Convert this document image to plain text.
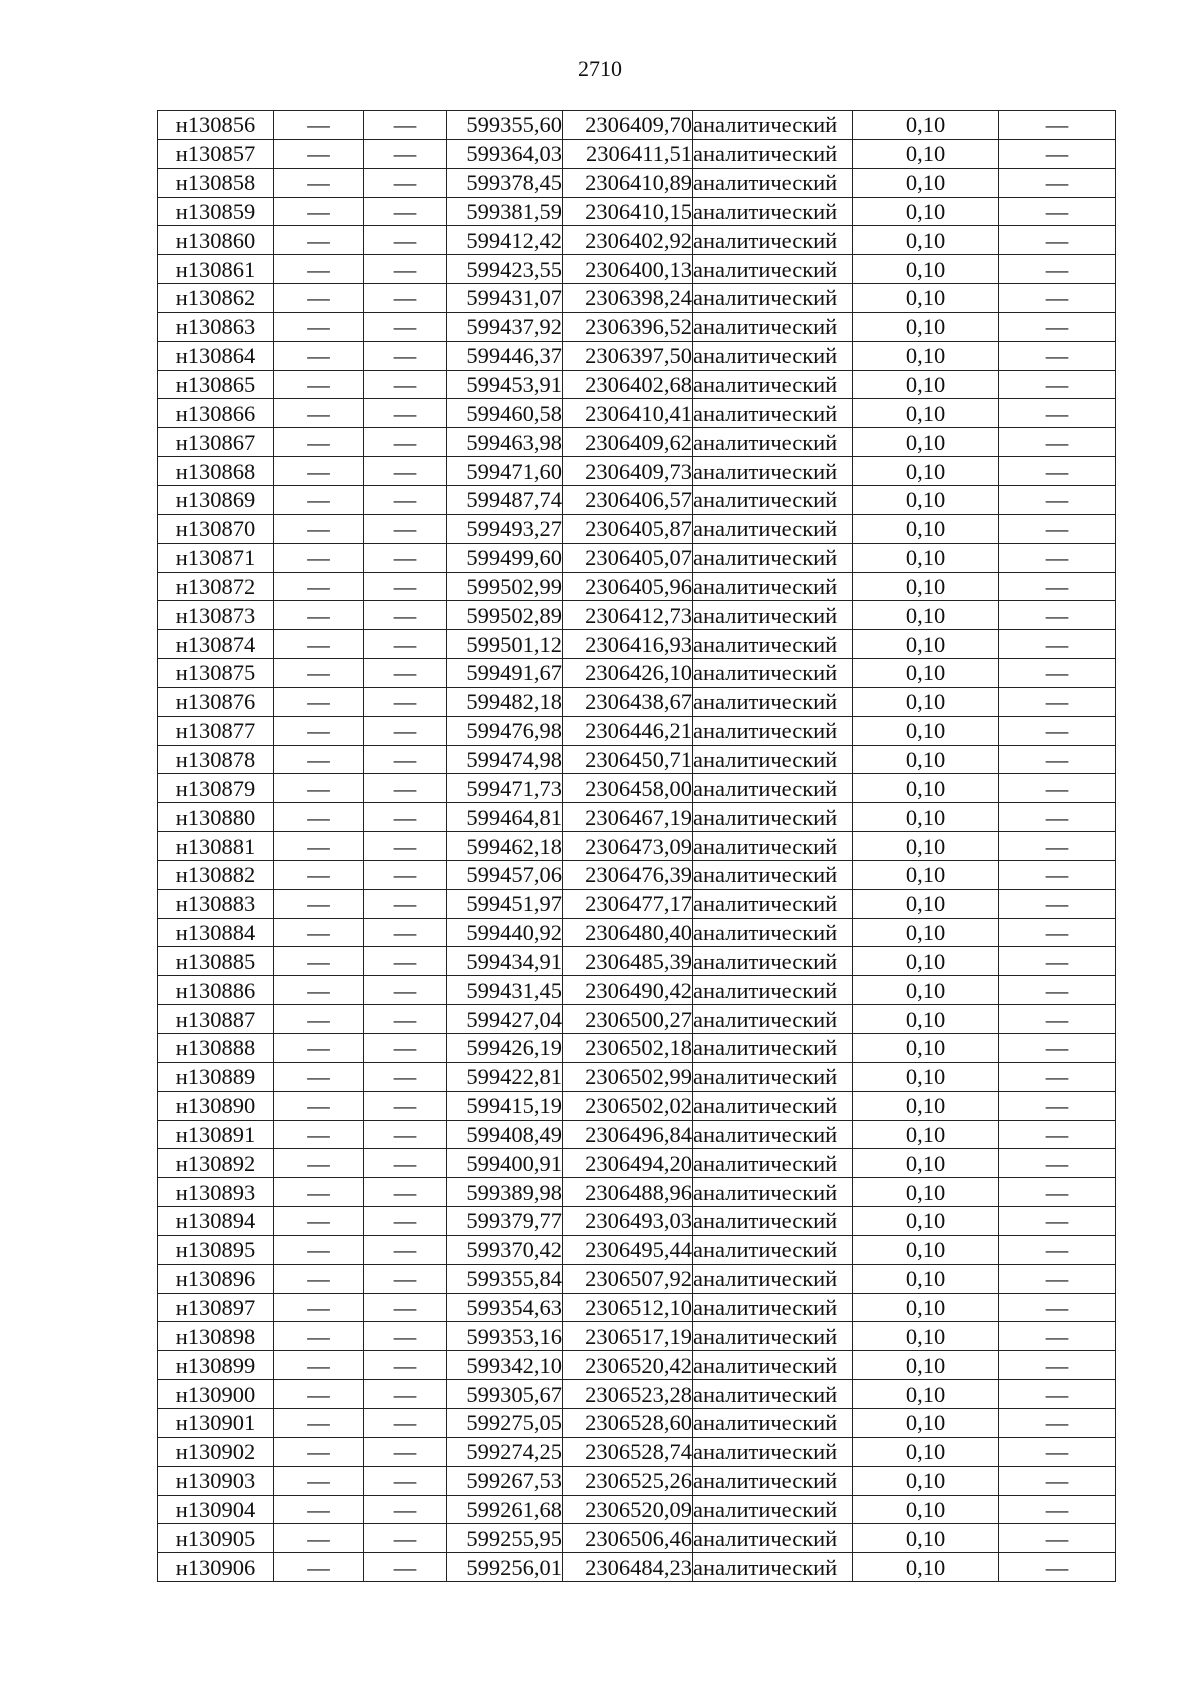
2710
н130856	—	—	599355,60	2306409,70	аналитический	0,10	—
н130857	—	—	599364,03	2306411,51	аналитический	0,10	—
н130858	—	—	599378,45	2306410,89	аналитический	0,10	—
н130859	—	—	599381,59	2306410,15	аналитический	0,10	—
н130860	—	—	599412,42	2306402,92	аналитический	0,10	—
н130861	—	—	599423,55	2306400,13	аналитический	0,10	—
н130862	—	—	599431,07	2306398,24	аналитический	0,10	—
н130863	—	—	599437,92	2306396,52	аналитический	0,10	—
н130864	—	—	599446,37	2306397,50	аналитический	0,10	—
н130865	—	—	599453,91	2306402,68	аналитический	0,10	—
н130866	—	—	599460,58	2306410,41	аналитический	0,10	—
н130867	—	—	599463,98	2306409,62	аналитический	0,10	—
н130868	—	—	599471,60	2306409,73	аналитический	0,10	—
н130869	—	—	599487,74	2306406,57	аналитический	0,10	—
н130870	—	—	599493,27	2306405,87	аналитический	0,10	—
н130871	—	—	599499,60	2306405,07	аналитический	0,10	—
н130872	—	—	599502,99	2306405,96	аналитический	0,10	—
н130873	—	—	599502,89	2306412,73	аналитический	0,10	—
н130874	—	—	599501,12	2306416,93	аналитический	0,10	—
н130875	—	—	599491,67	2306426,10	аналитический	0,10	—
н130876	—	—	599482,18	2306438,67	аналитический	0,10	—
н130877	—	—	599476,98	2306446,21	аналитический	0,10	—
н130878	—	—	599474,98	2306450,71	аналитический	0,10	—
н130879	—	—	599471,73	2306458,00	аналитический	0,10	—
н130880	—	—	599464,81	2306467,19	аналитический	0,10	—
н130881	—	—	599462,18	2306473,09	аналитический	0,10	—
н130882	—	—	599457,06	2306476,39	аналитический	0,10	—
н130883	—	—	599451,97	2306477,17	аналитический	0,10	—
н130884	—	—	599440,92	2306480,40	аналитический	0,10	—
н130885	—	—	599434,91	2306485,39	аналитический	0,10	—
н130886	—	—	599431,45	2306490,42	аналитический	0,10	—
н130887	—	—	599427,04	2306500,27	аналитический	0,10	—
н130888	—	—	599426,19	2306502,18	аналитический	0,10	—
н130889	—	—	599422,81	2306502,99	аналитический	0,10	—
н130890	—	—	599415,19	2306502,02	аналитический	0,10	—
н130891	—	—	599408,49	2306496,84	аналитический	0,10	—
н130892	—	—	599400,91	2306494,20	аналитический	0,10	—
н130893	—	—	599389,98	2306488,96	аналитический	0,10	—
н130894	—	—	599379,77	2306493,03	аналитический	0,10	—
н130895	—	—	599370,42	2306495,44	аналитический	0,10	—
н130896	—	—	599355,84	2306507,92	аналитический	0,10	—
н130897	—	—	599354,63	2306512,10	аналитический	0,10	—
н130898	—	—	599353,16	2306517,19	аналитический	0,10	—
н130899	—	—	599342,10	2306520,42	аналитический	0,10	—
н130900	—	—	599305,67	2306523,28	аналитический	0,10	—
н130901	—	—	599275,05	2306528,60	аналитический	0,10	—
н130902	—	—	599274,25	2306528,74	аналитический	0,10	—
н130903	—	—	599267,53	2306525,26	аналитический	0,10	—
н130904	—	—	599261,68	2306520,09	аналитический	0,10	—
н130905	—	—	599255,95	2306506,46	аналитический	0,10	—
н130906	—	—	599256,01	2306484,23	аналитический	0,10	—
